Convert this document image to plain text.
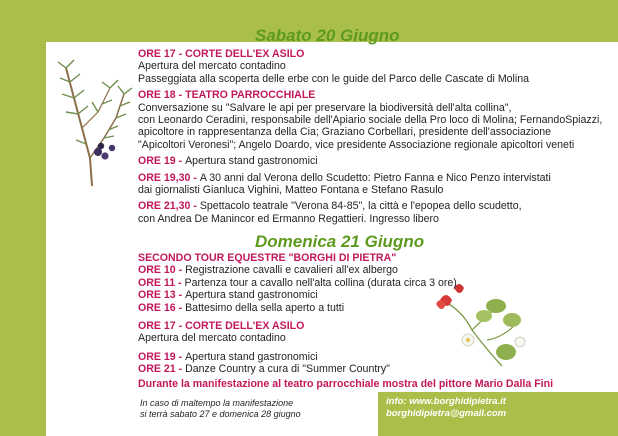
Sabato 20 Giugno
Domenica 21 Giugno

ORE 17 - CORTE DELL'EX ASILO

Apertura del mercato contadino

Passeggiata alla scoperta delle erbe con le guide del Parco delle Cascate di Molina

ORE 18 - TEATRO PARROCCHIALE

Conversazione su "Salvare le api per preservare la biodiversità dell'alta collina",

con Leonardo Ceradini, responsabile dell'Apiario sociale della Pro loco di Molina; FernandoSpiazzi,

apicoltore in rappresentanza della Cia; Graziano Corbellari, presidente dell'associazione

"Apicoltori Veronesi"; Angelo Doardo, vice presidente Associazione regionale apicoltori veneti

ORE 19 - Apertura stand gastronomici

ORE 19,30 - A 30 anni dal Verona dello Scudetto: Pietro Fanna e Nico Penzo intervistati

dai giornalisti Gianluca Vighini, Matteo Fontana e Stefano Rasulo

ORE 21,30 - Spettacolo teatrale "Verona 84-85", la città e l'epopea dello scudetto,

con Andrea De Manincor ed Ermanno Regattieri. Ingresso libero

SECONDO TOUR EQUESTRE "BORGHI DI PIETRA"

ORE 10 - Registrazione cavalli e cavalieri all'ex albergo

ORE 11 - Partenza tour a cavallo nell'alta collina (durata circa 3 ore)

ORE 13 - Apertura stand gastronomici

ORE 16 - Battesimo della sella aperto a tutti

ORE 17 - CORTE DELL'EX ASILO

Apertura del mercato contadino

ORE 19 - Apertura stand gastronomici

ORE 21 - Danze Country a cura di "Summer Country"

Durante la manifestazione al teatro parrocchiale mostra del pittore Mario Dalla Fini
In caso di maltempo la manifestazione
si terrà sabato 27 e domenica 28 giugno
info: www.borghidipietra.it
borghidipietra@gmail.com
